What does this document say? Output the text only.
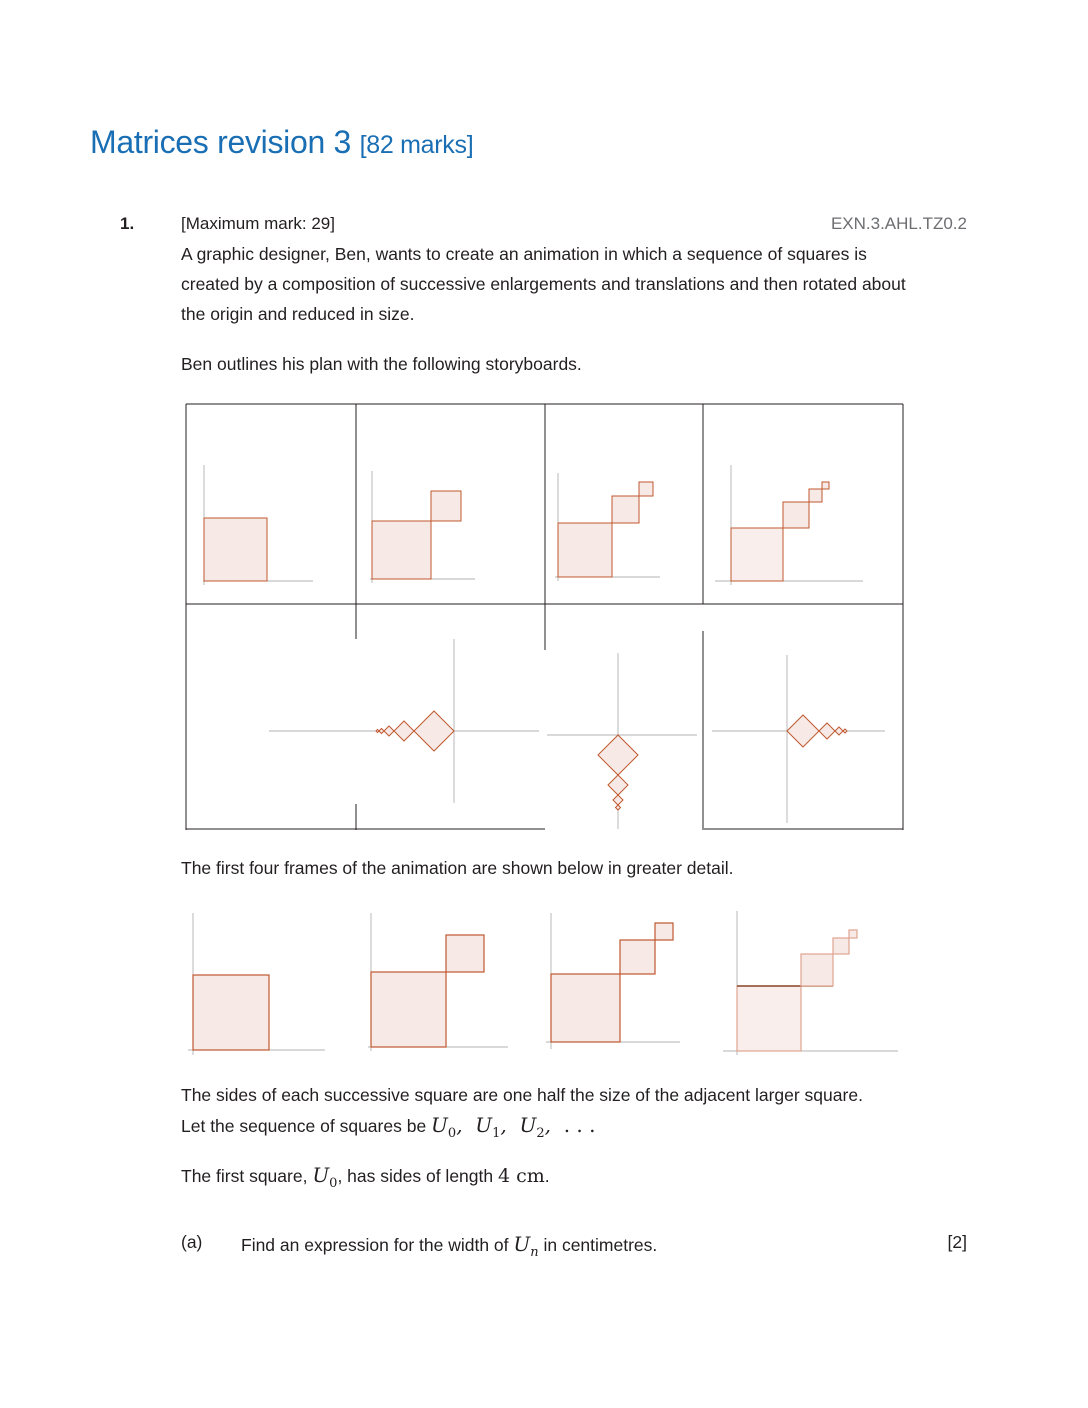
Matrices revision 3 [82 marks]
1.	[Maximum mark: 29]	EXN.3.AHL.TZ0.2

A graphic designer, Ben, wants to create an animation in which a sequence of squares is created by a composition of successive enlargements and translations and then rotated about the origin and reduced in size.

Ben outlines his plan with the following storyboards.

The first four frames of the animation are shown below in greater detail.

The sides of each successive square are one half the size of the adjacent larger square.

Let the sequence of squares be $U_0$,  $U_1$,  $U_2$,  . . .

The first square, $U_0$, has sides of length 4 cm.

(a) Find an expression for the width of $U_n$ in centimetres.	[2]
